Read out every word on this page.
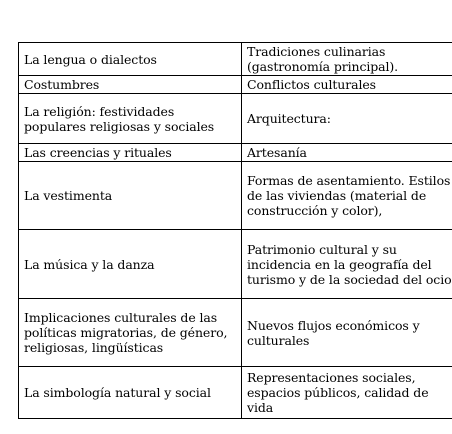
La lengua o dialectos	Tradiciones culinarias (gastronomía principal).
Costumbres	Conflictos culturales
La religión: festividades populares religiosas y sociales	Arquitectura:
Las creencias y rituales	Artesanía
La vestimenta	Formas de asentamiento. Estilos de las viviendas (material de construcción y color),
La música y la danza	Patrimonio cultural y su incidencia en la geografía del turismo y de la sociedad del ocio
Implicaciones culturales de las políticas migratorias, de género, religiosas, lingüísticas	Nuevos flujos económicos y culturales
La simbología natural y social	Representaciones sociales, espacios públicos, calidad de vida
